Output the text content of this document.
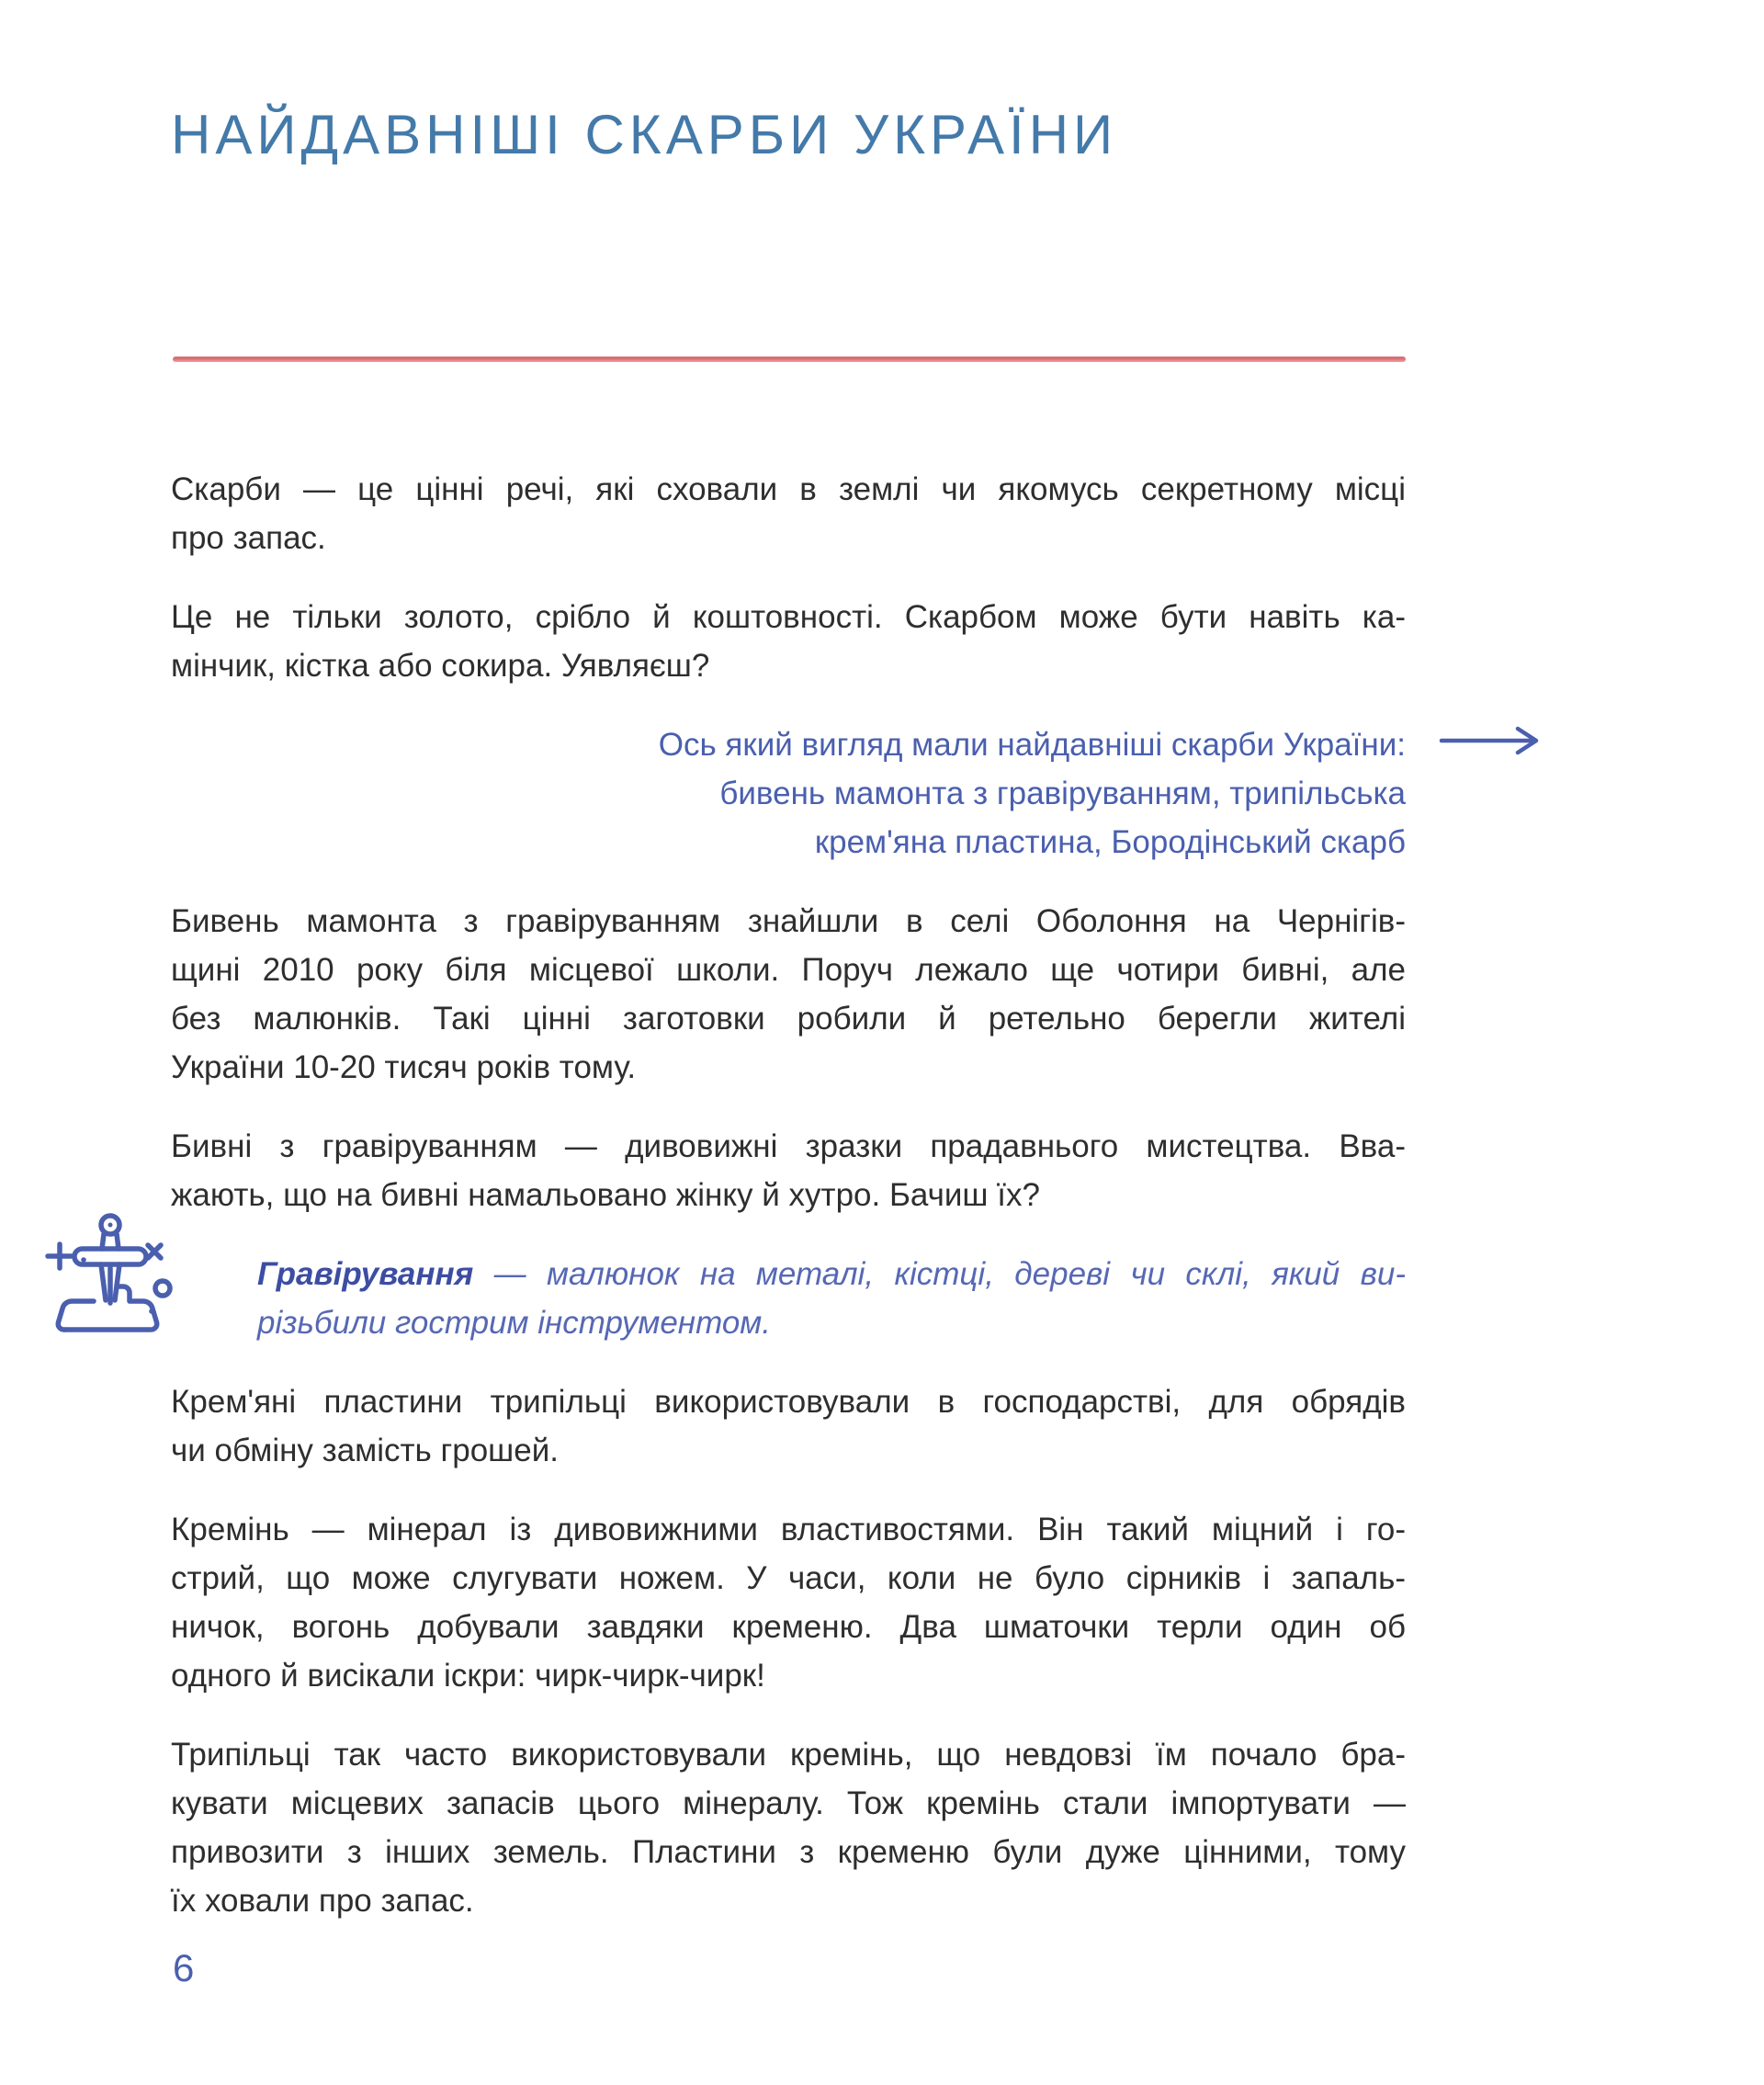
НАЙДАВНІШІ СКАРБИ УКРАЇНИ
Скарби — це цінні речі, які сховали в землі чи якомусь секретному місці
про запас.
Це не тільки золото, срібло й коштовності. Скарбом може бути навіть ка-
мінчик, кістка або сокира. Уявляєш?
Ось який вигляд мали найдавніші скарби України:
бивень мамонта з гравіруванням, трипільська
крем'яна пластина, Бородінський скарб
Бивень мамонта з гравіруванням знайшли в селі Оболоння на Чернігів-
щині 2010 року біля місцевої школи. Поруч лежало ще чотири бивні, але
без малюнків. Такі цінні заготовки робили й ретельно берегли жителі
України 10-20 тисяч років тому.
Бивні з гравіруванням — дивовижні зразки прадавнього мистецтва. Вва-
жають, що на бивні намальовано жінку й хутро. Бачиш їх?
Гравірування — малюнок на металі, кістці, дереві чи склі, який ви-
різьбили гострим інструментом.
Крем'яні пластини трипільці використовували в господарстві, для обрядів
чи обміну замість грошей.
Кремінь — мінерал із дивовижними властивостями. Він такий міцний і го-
стрий, що може слугувати ножем. У часи, коли не було сірників і запаль-
ничок, вогонь добували завдяки кременю. Два шматочки терли один об
одного й висікали іскри: чирк-чирк-чирк!
Трипільці так часто використовували кремінь, що невдовзі їм почало бра-
кувати місцевих запасів цього мінералу. Тож кремінь стали імпортувати —
привозити з інших земель. Пластини з кременю були дуже цінними, тому
їх ховали про запас.
6
